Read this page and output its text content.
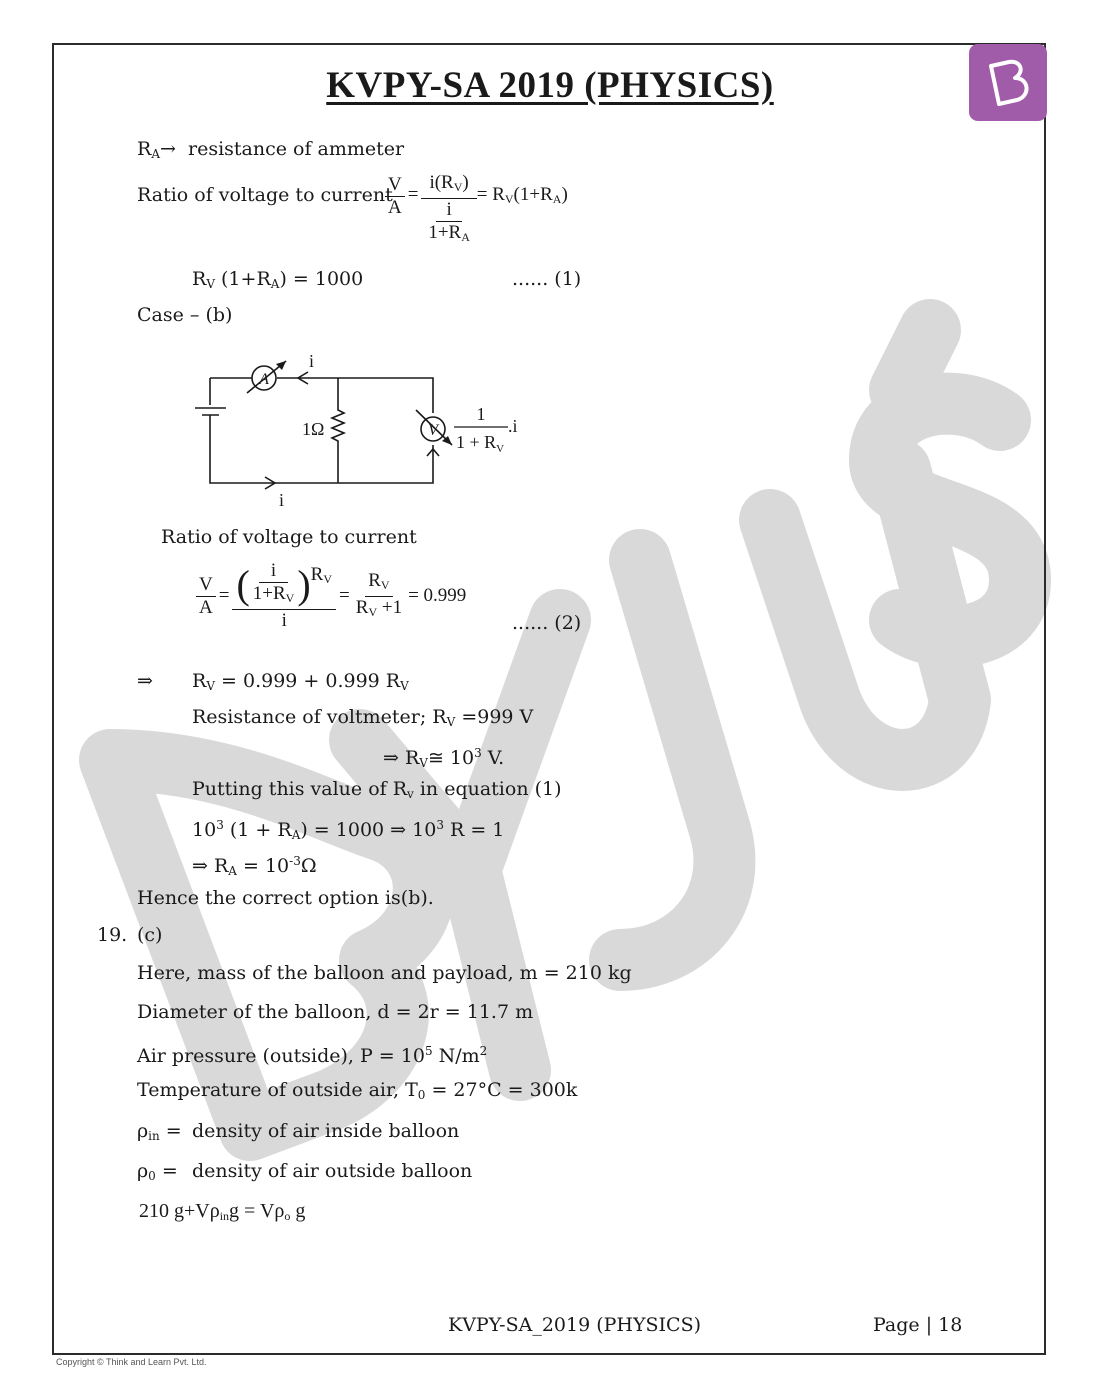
KVPY-SA 2019 (PHYSICS)
$R_A\to$ resistance of ammeter
Ratio of voltage to current
$\frac{V}{A} = \frac{i(R_V)}{\frac{i}{1+R_A}} = R_V(1+R_A)$
$R_V$ $(1+R_A) = 1000$	...... (1)
Case – (b)
A
V
1Ω
i
i
1
$1 + R_V$
.i
Ratio of voltage to current
$\frac{V}{A} = \frac{( \frac{i}{1+R_V} ) R_V}{i} = \frac{R_V}{R_V +1} = 0.999$
...... (2)
⇒ $R_V = 0.999 + 0.999$ $R_V$
Resistance of voltmeter; $R_V =999$ V
⇒ $R_V≅$ $10^3$ V.
Putting this value of $R_v$ in equation (1)
$10^3$ $(1 + R_A) = 1000$ ⇒ $10^3$ R = 1
⇒ $R_A = 10^{-3}\Omega$
Hence the correct option is(b).
19. (c)
Here, mass of the balloon and payload, m = 210 kg
Diameter of the balloon, d = 2r = 11.7 m
Air pressure (outside), $P = 10^5$ $N/m^2$
Temperature of outside air, $T_0 = 27^\circ C = 300k$
$\rho_{in}$ = density of air inside balloon
$\rho_0$ = density of air outside balloon
210 $g+V\rho_{in}g = V\rho_o$ g
KVPY-SA_2019 (PHYSICS)	Page | 18
Copyright © Think and Learn Pvt. Ltd.
